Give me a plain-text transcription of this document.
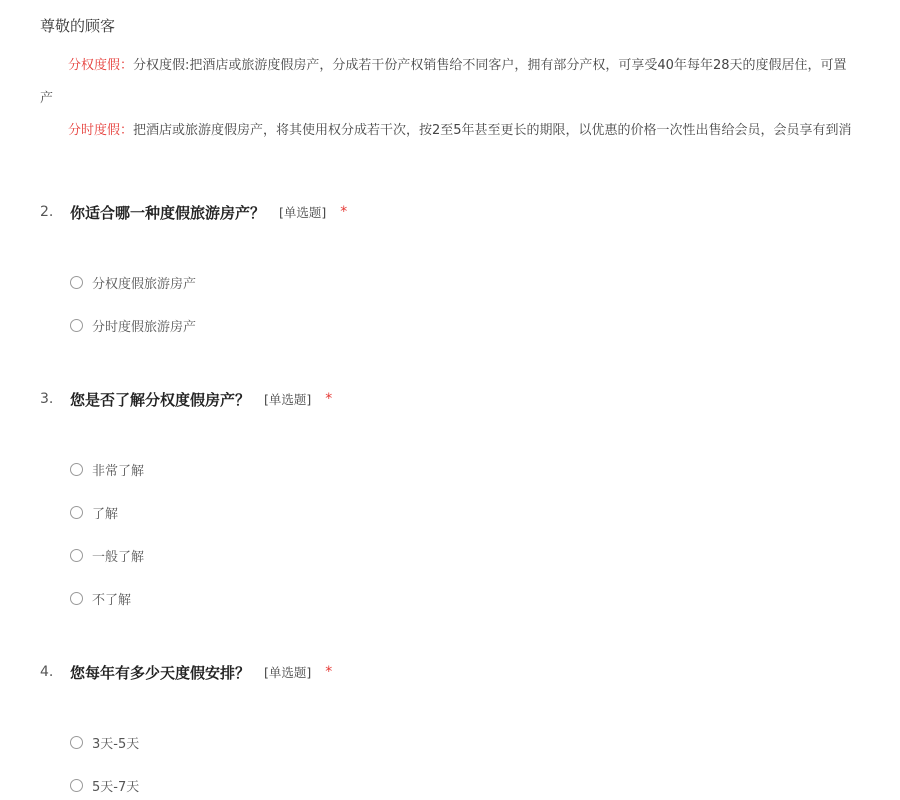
尊敬的顾客
分权度假：分权度假:把酒店或旅游度假房产，分成若干份产权销售给不同客户，拥有部分产权，可享受40年每年28天的度假居住，可置
产
分时度假：把酒店或旅游度假房产，将其使用权分成若干次，按2至5年甚至更长的期限，以优惠的价格一次性出售给会员，会员享有到消
2.	你适合哪一种度假旅游房产？ [单选题] *
分权度假旅游房产
分时度假旅游房产
3.	您是否了解分权度假房产？ [单选题] *
非常了解
了解
一般了解
不了解
4.	您每年有多少天度假安排？ [单选题] *
3天-5天
5天-7天
